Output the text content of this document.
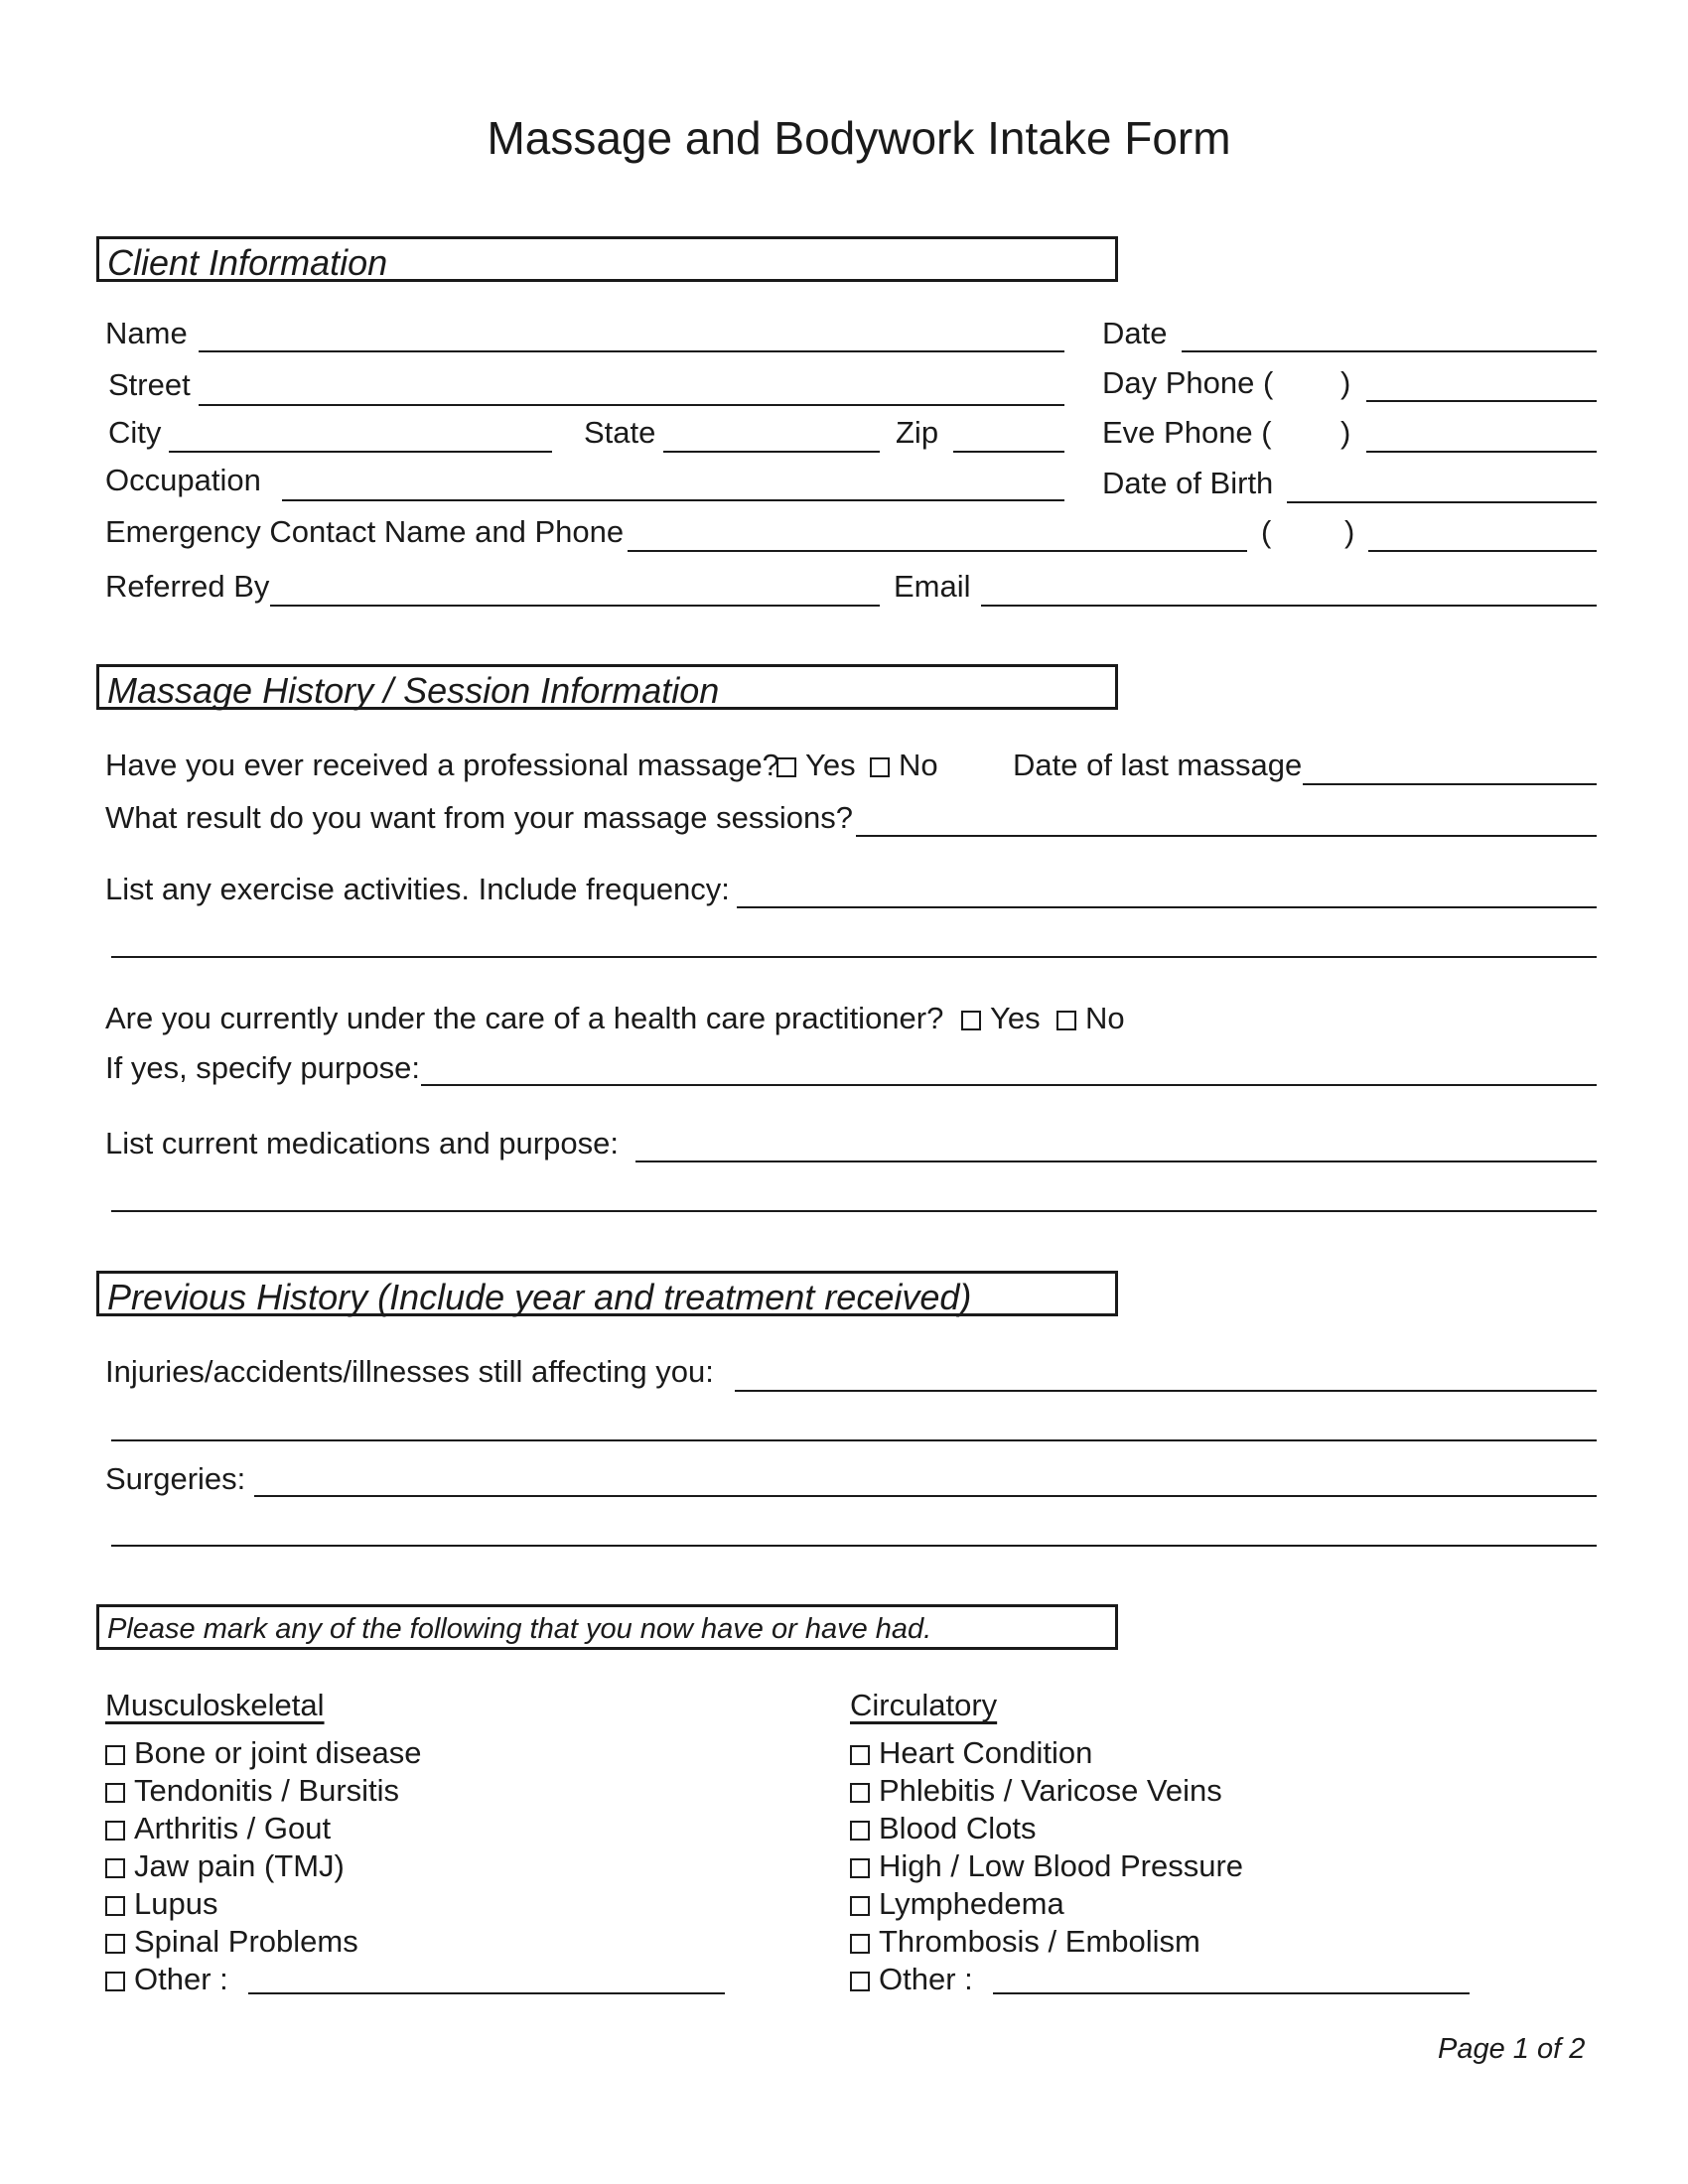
Massage and Bodywork Intake Form
Client Information
Name	Date
Street	Day Phone ( )
City	State	Zip	Eve Phone ( )
Occupation	Date of Birth
Emergency Contact Name and Phone	( )
Referred By	Email
Massage History / Session Information
Have you ever received a professional massage? Yes	No Date of last massage
What result do you want from your massage sessions?
List any exercise activities. Include frequency:
Are you currently under the care of a health care practitioner?	Yes	No
If yes, specify purpose:
List current medications and purpose:
Previous History (Include year and treatment received)
Injuries/accidents/illnesses still affecting you:
Surgeries:
Please mark any of the following that you now have or have had.
Musculoskeletal
Bone or joint disease
Tendonitis / Bursitis
Arthritis / Gout
Jaw pain (TMJ)
Lupus
Spinal Problems
Other :
Circulatory
Heart Condition
Phlebitis / Varicose Veins
Blood Clots
High / Low Blood Pressure
Lymphedema
Thrombosis / Embolism
Other :
Page 1 of 2
